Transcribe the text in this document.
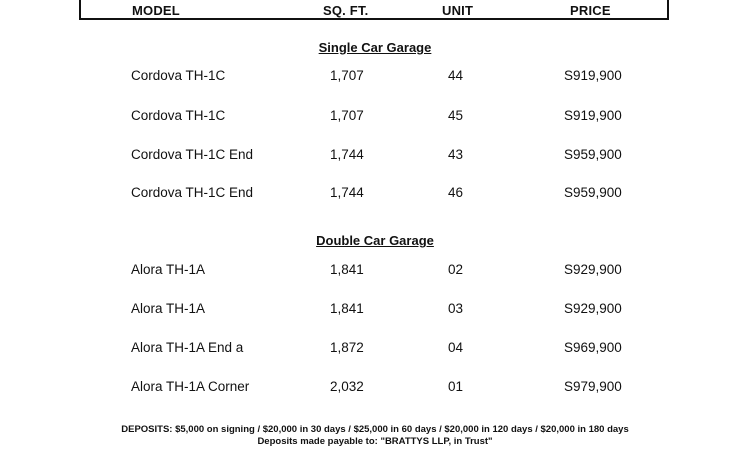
MODEL	SQ. FT.	UNIT	PRICE
Single Car Garage
Cordova TH-1C	1,707	44	S919,900
Cordova TH-1C	1,707	45	S919,900
Cordova TH-1C End	1,744	43	S959,900
Cordova TH-1C End	1,744	46	S959,900
Double Car Garage
Alora TH-1A	1,841	02	S929,900
Alora TH-1A	1,841	03	S929,900
Alora TH-1A End a	1,872	04	S969,900
Alora TH-1A Corner	2,032	01	S979,900
DEPOSITS: $5,000 on signing / $20,000 in 30 days / $25,000 in 60 days / $20,000 in 120 days / $20,000 in 180 days
Deposits made payable to: "BRATTYS LLP, in Trust"
